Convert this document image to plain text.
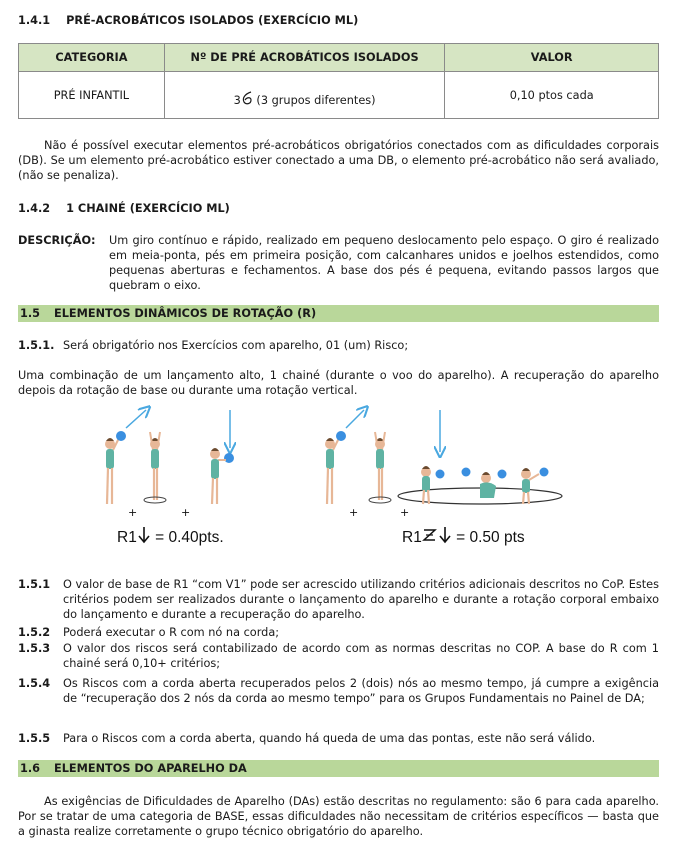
1.4.1 PRÉ-ACROBÁTICOS ISOLADOS (EXERCÍCIO ML)
CATEGORIA	Nº DE PRÉ ACROBÁTICOS ISOLADOS	VALOR
PRÉ INFANTIL	3 (3 grupos diferentes)	0,10 ptos cada
Não é possível executar elementos pré-acrobáticos obrigatórios conectados com as dificuldades corporais (DB). Se um elemento pré-acrobático estiver conectado a uma DB, o elemento pré-acrobático não será avaliado, (não se penaliza).
1.4.2 1 CHAINÉ (EXERCÍCIO ML)
DESCRIÇÃO: Um giro contínuo e rápido, realizado em pequeno deslocamento pelo espaço. O giro é realizado em meia-ponta, pés em primeira posição, com calcanhares unidos e joelhos estendidos, como pequenas aberturas e fechamentos. A base dos pés é pequena, evitando passos largos que quebram o eixo.
1.5 ELEMENTOS DINÂMICOS DE ROTAÇÃO (R)
1.5.1. Será obrigatório nos Exercícios com aparelho, 01 (um) Risco;
Uma combinação de um lançamento alto, 1 chainé (durante o voo do aparelho). A recuperação do aparelho depois da rotação de base ou durante uma rotação vertical.
+	+	+	+
R1 = 0.40pts.	R1 = 0.50 pts
1.5.1 O valor de base de R1 “com V1” pode ser acrescido utilizando critérios adicionais descritos no CoP. Estes critérios podem ser realizados durante o lançamento do aparelho e durante a rotação corporal embaixo do lançamento e durante a recuperação do aparelho.
1.5.2 Poderá executar o R com nó na corda;
1.5.3 O valor dos riscos será contabilizado de acordo com as normas descritas no COP. A base do R com 1 chainé será 0,10+ critérios;
1.5.4 Os Riscos com a corda aberta recuperados pelos 2 (dois) nós ao mesmo tempo, já cumpre a exigência de “recuperação dos 2 nós da corda ao mesmo tempo” para os Grupos Fundamentais no Painel de DA;
1.5.5 Para o Riscos com a corda aberta, quando há queda de uma das pontas, este não será válido.
1.6 ELEMENTOS DO APARELHO DA
As exigências de Dificuldades de Aparelho (DAs) estão descritas no regulamento: são 6 para cada aparelho. Por se tratar de uma categoria de BASE, essas dificuldades não necessitam de critérios específicos — basta que a ginasta realize corretamente o grupo técnico obrigatório do aparelho.
